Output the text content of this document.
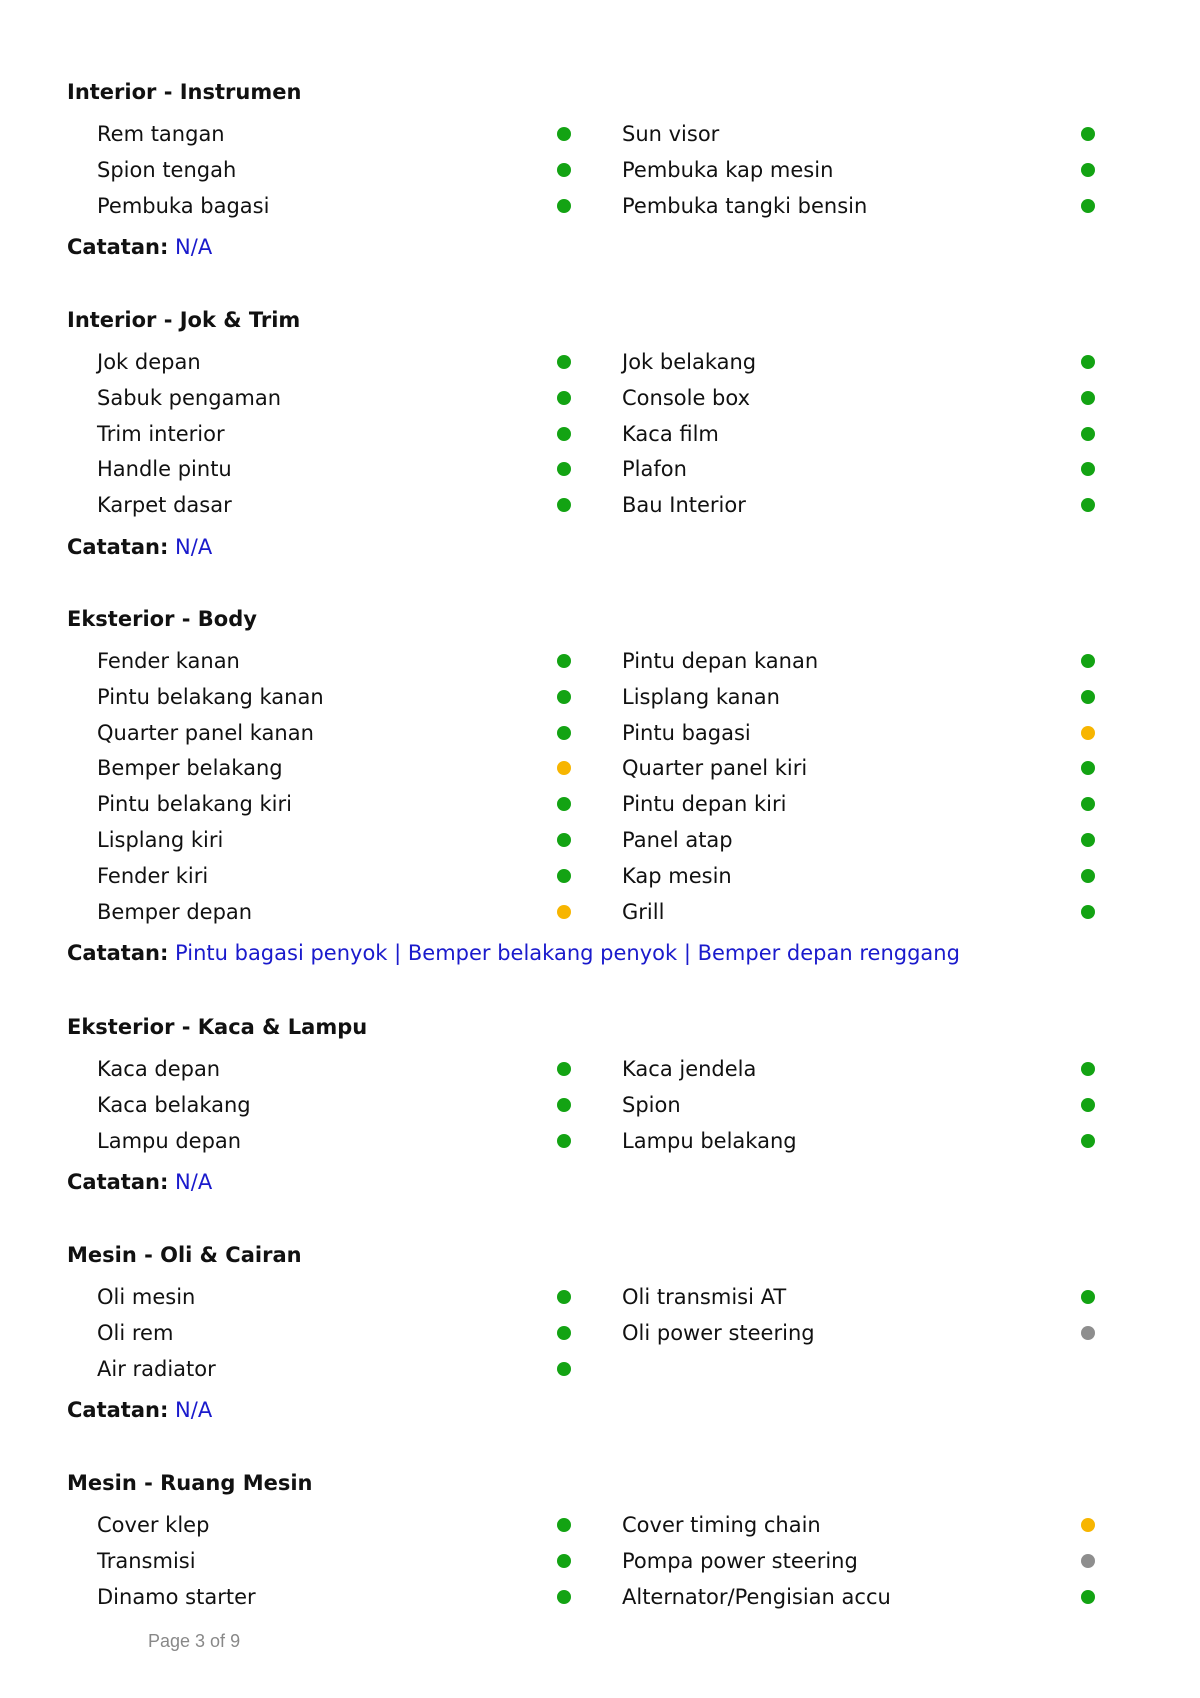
Interior - Instrumen
Rem tangan	Sun visor
Spion tengah	Pembuka kap mesin
Pembuka bagasi	Pembuka tangki bensin
Catatan: N/A
Interior - Jok & Trim
Jok depan	Jok belakang
Sabuk pengaman	Console box
Trim interior	Kaca film
Handle pintu	Plafon
Karpet dasar	Bau Interior
Catatan: N/A
Eksterior - Body
Fender kanan	Pintu depan kanan
Pintu belakang kanan	Lisplang kanan
Quarter panel kanan	Pintu bagasi
Bemper belakang	Quarter panel kiri
Pintu belakang kiri	Pintu depan kiri
Lisplang kiri	Panel atap
Fender kiri	Kap mesin
Bemper depan	Grill
Catatan: Pintu bagasi penyok | Bemper belakang penyok | Bemper depan renggang
Eksterior - Kaca & Lampu
Kaca depan	Kaca jendela
Kaca belakang	Spion
Lampu depan	Lampu belakang
Catatan: N/A
Mesin - Oli & Cairan
Oli mesin	Oli transmisi AT
Oli rem	Oli power steering
Air radiator
Catatan: N/A
Mesin - Ruang Mesin
Cover klep	Cover timing chain
Transmisi	Pompa power steering
Dinamo starter	Alternator/Pengisian accu
Page 3 of 9
